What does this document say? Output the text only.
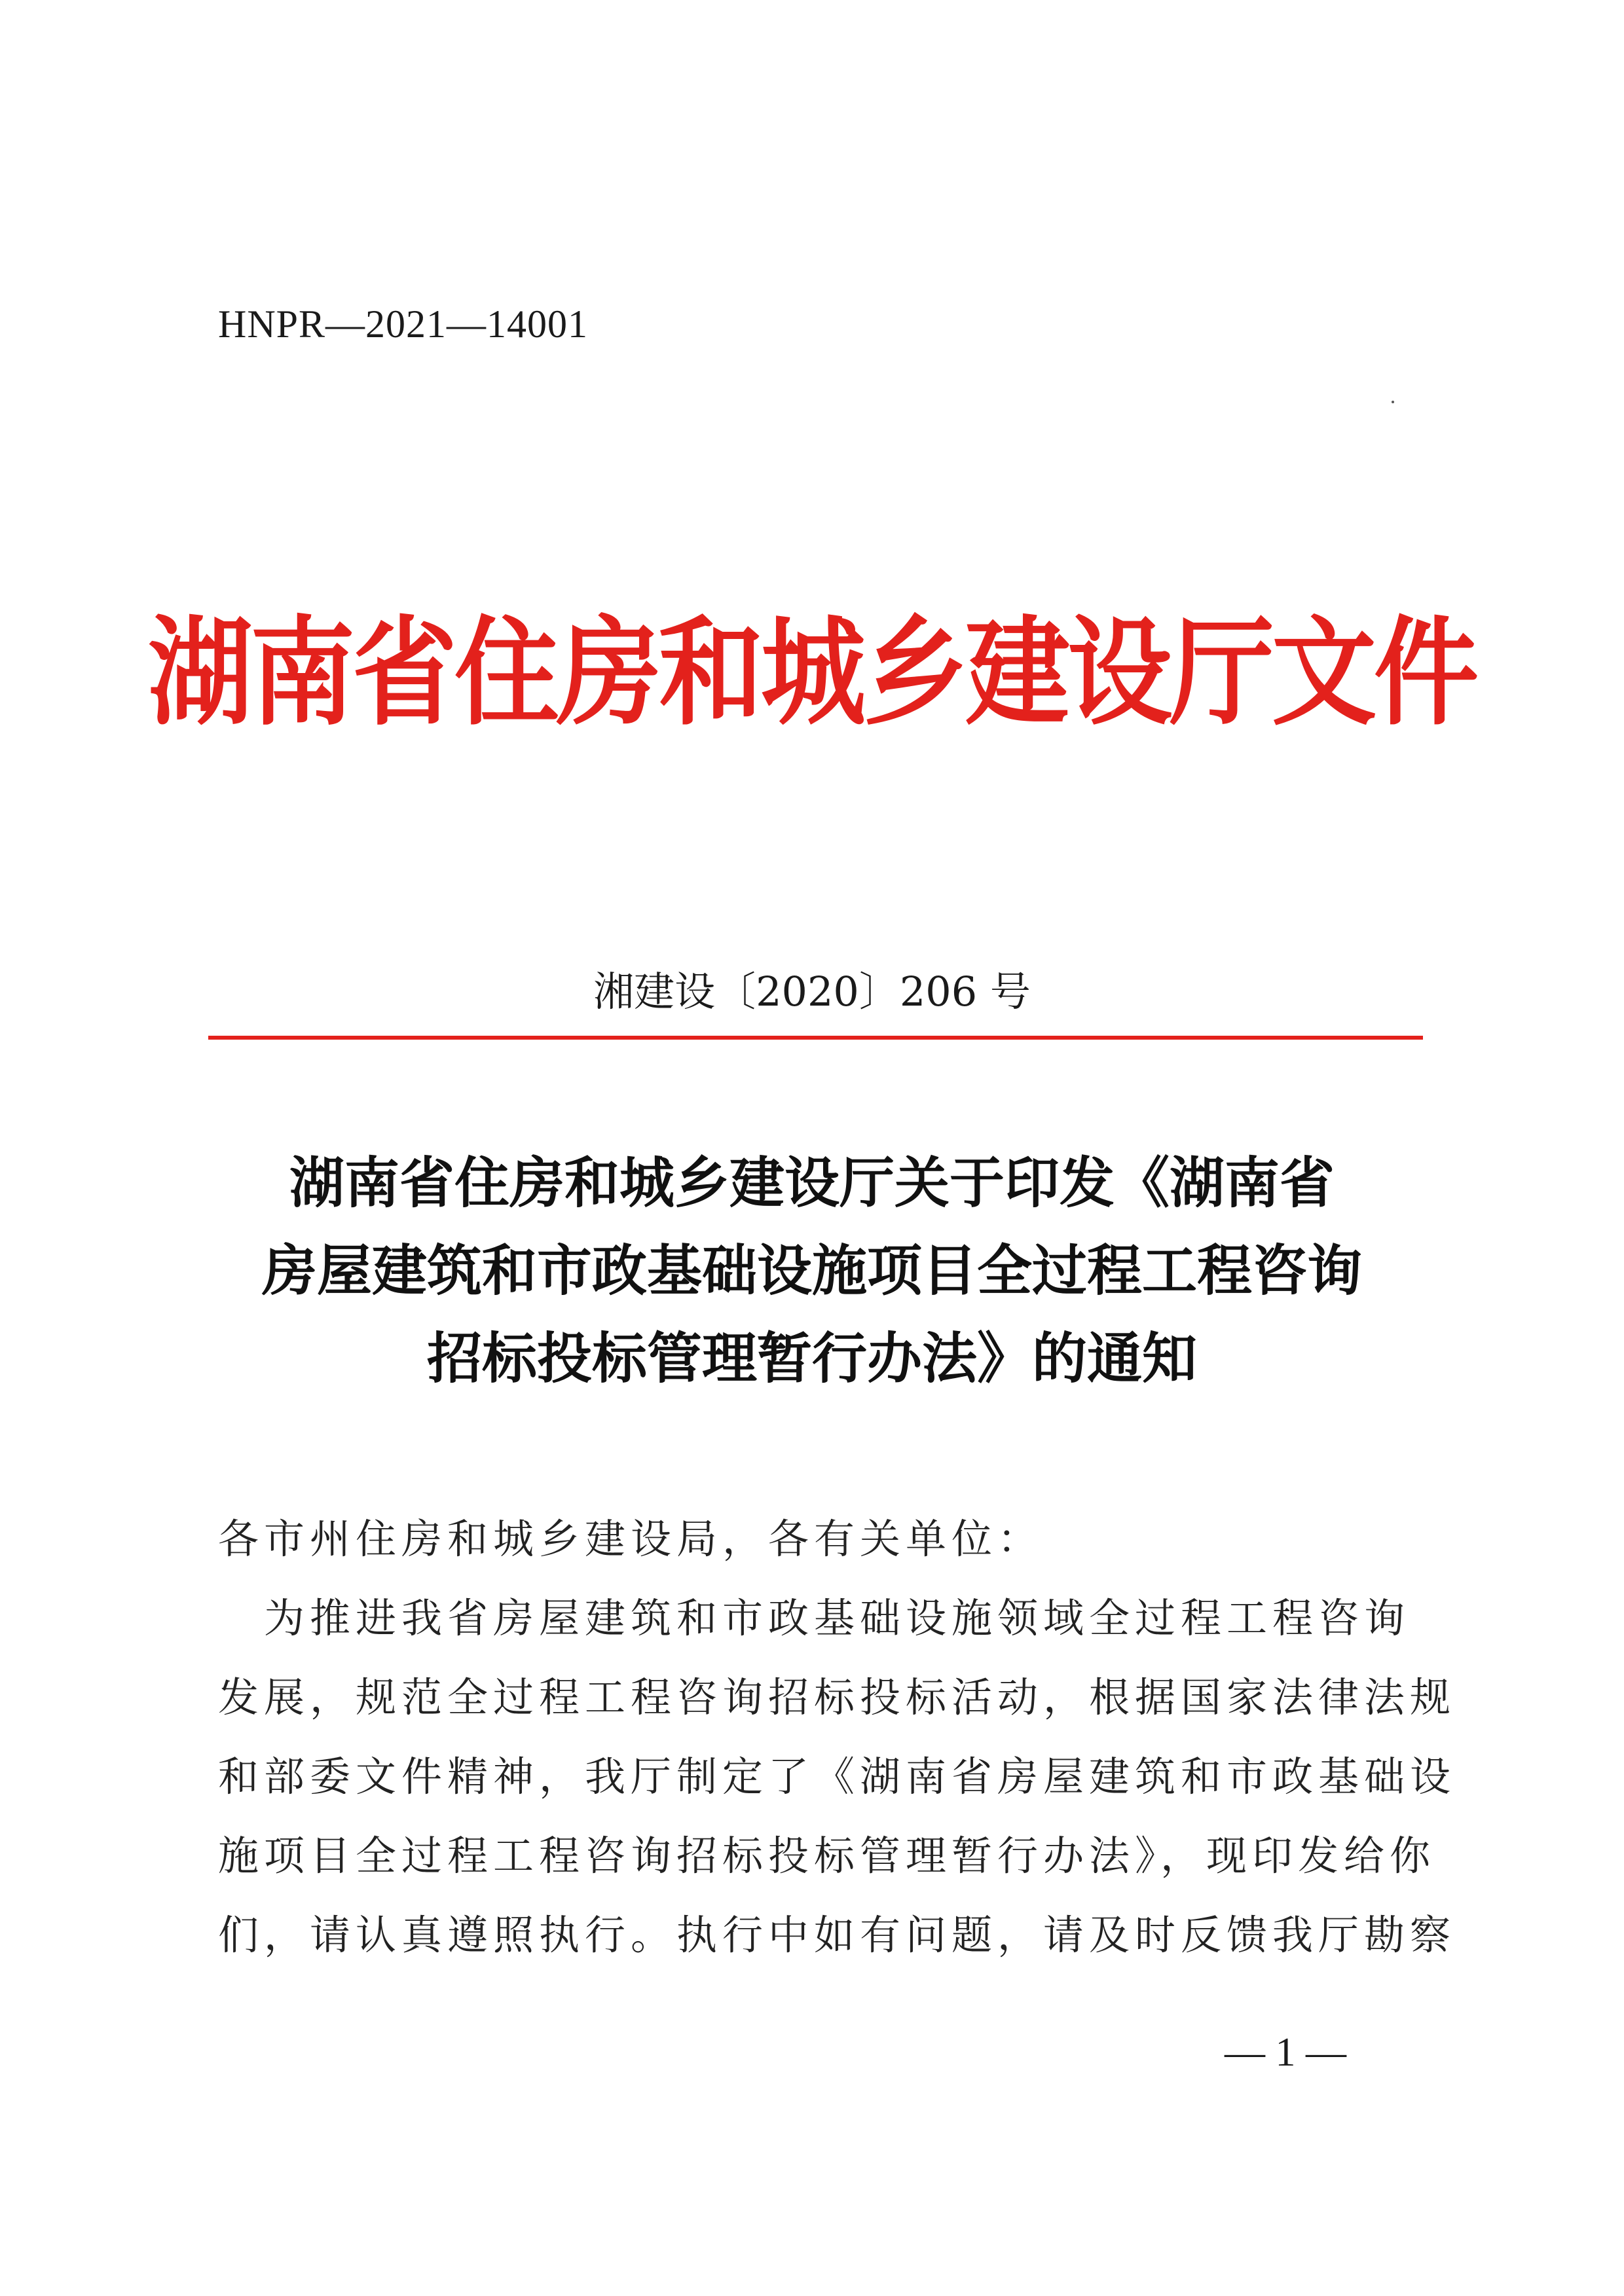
HNPR—2021—14001
湖南省住房和城乡建设厅文件
湘建设〔2020〕206 号
湖南省住房和城乡建设厅关于印发《湖南省
房屋建筑和市政基础设施项目全过程工程咨询
招标投标管理暂行办法》的通知
各市州住房和城乡建设局，各有关单位：
　为推进我省房屋建筑和市政基础设施领域全过程工程咨询
发展，规范全过程工程咨询招标投标活动，根据国家法律法规
和部委文件精神，我厅制定了《湖南省房屋建筑和市政基础设
施项目全过程工程咨询招标投标管理暂行办法》，现印发给你
们，请认真遵照执行。执行中如有问题，请及时反馈我厅勘察
— 1 —
